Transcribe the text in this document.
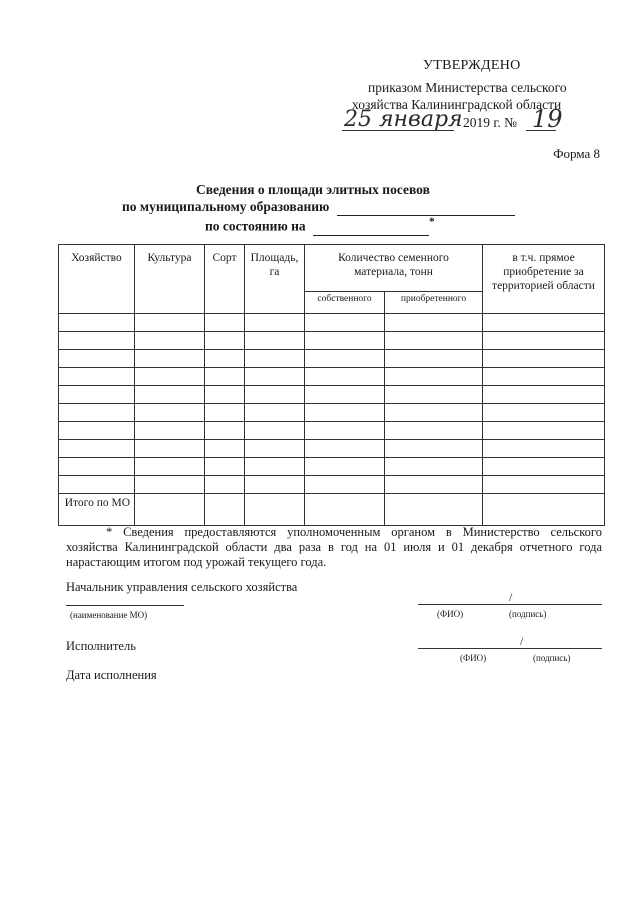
УТВЕРЖДЕНО
приказом Министерства сельского
хозяйства Калининградской области
25 января 2019 г. № 19
Форма 8
Сведения о площади элитных посевов
по муниципальному образованию
по состоянию на	*
Хозяйство	Культура	Сорт	Площадь, га	Количество семенного материала, тонн		в т.ч. прямое приобретение за территорией области
				собственного	приобретенного	

Итого по МО						
* Сведения предоставляются уполномоченным органом в Министерство сельского хозяйства Калининградской области два раза в год на 01 июля и 01 декабря отчетного года нарастающим итогом под урожай текущего года.
Начальник управления сельского хозяйства
(наименование МО)
/
(ФИО)	(подпись)
Исполнитель	/
(ФИО)	(подпись)
Дата исполнения
